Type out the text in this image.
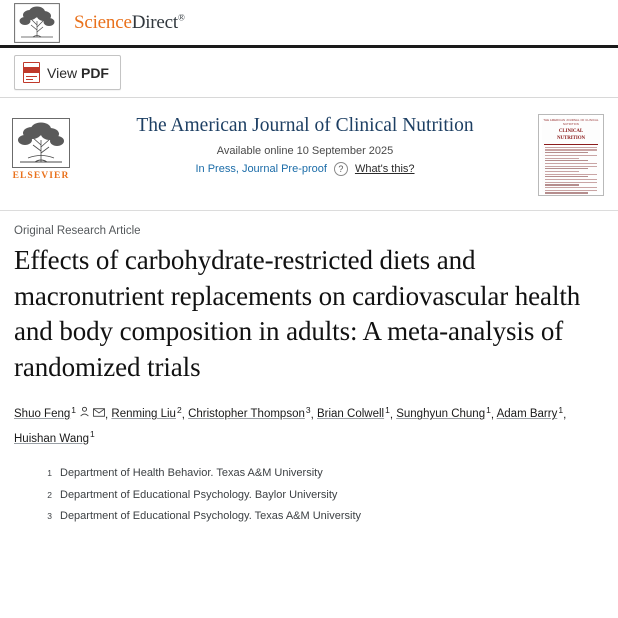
ScienceDirect®
View PDF
ELSEVIER
The American Journal of Clinical Nutrition
Available online 10 September 2025
In Press, Journal Pre-proof	?	What's this?
THE AMERICAN JOURNAL OF CLINICAL NUTRITION
CLINICAL
NUTRITION
Original Research Article
Effects of carbohydrate-restricted diets and macronutrient replacements on cardiovascular health and body composition in adults: A meta-analysis of randomized trials
Shuo Feng$^1$	, Renming Liu$^2$, Christopher Thompson$^3$, Brian Colwell$^1$, Sunghyun Chung$^1$, Adam Barry$^1$, Huishan Wang$^1$
1 Department of Health Behavior. Texas A&M University
2 Department of Educational Psychology. Baylor University
3 Department of Educational Psychology. Texas A&M University
